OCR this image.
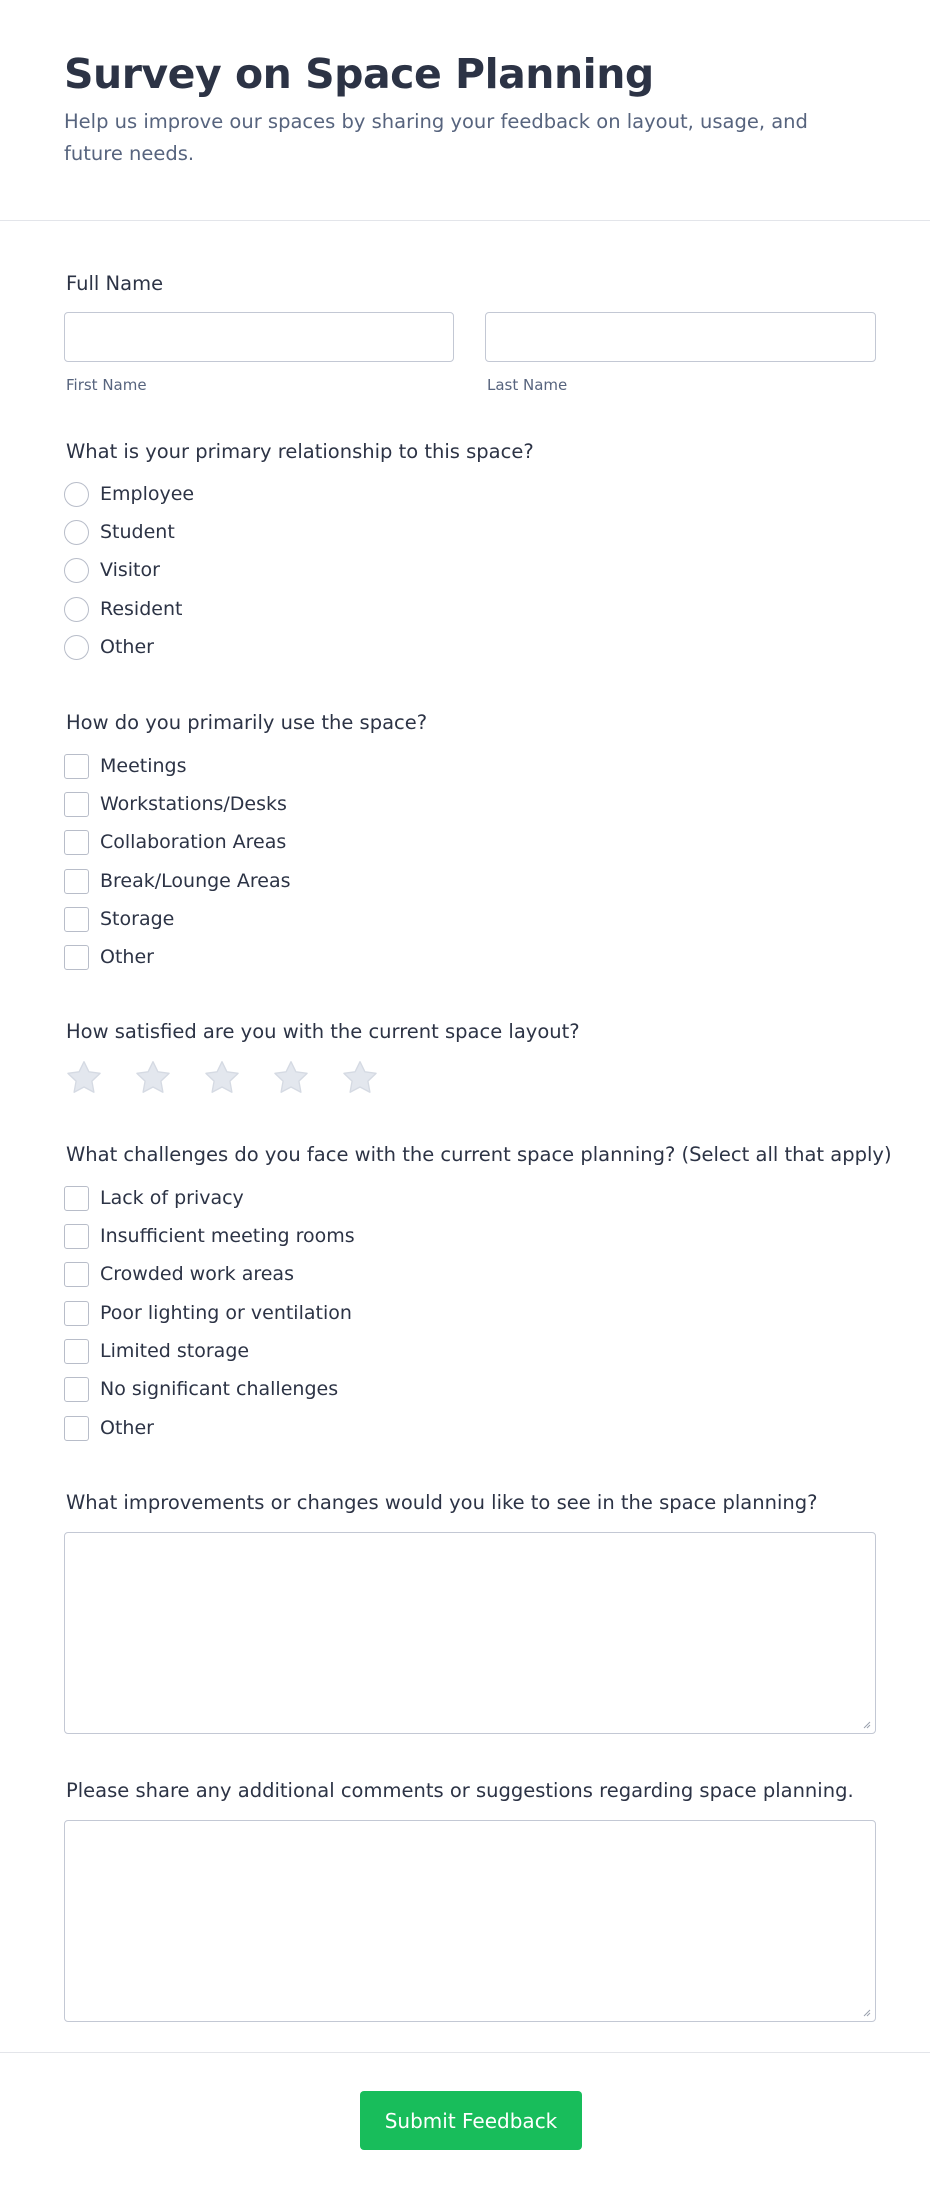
Survey on Space Planning

Help us improve our spaces by sharing your feedback on layout, usage, and future needs.

Full Name
First Name	Last Name
What is your primary relationship to this space?
Employee
Student
Visitor
Resident
Other
How do you primarily use the space?
Meetings
Workstations/Desks
Collaboration Areas
Break/Lounge Areas
Storage
Other
How satisfied are you with the current space layout?
What challenges do you face with the current space planning? (Select all that apply)
Lack of privacy
Insufficient meeting rooms
Crowded work areas
Poor lighting or ventilation
Limited storage
No significant challenges
Other
What improvements or changes would you like to see in the space planning?
Please share any additional comments or suggestions regarding space planning.
Submit Feedback
